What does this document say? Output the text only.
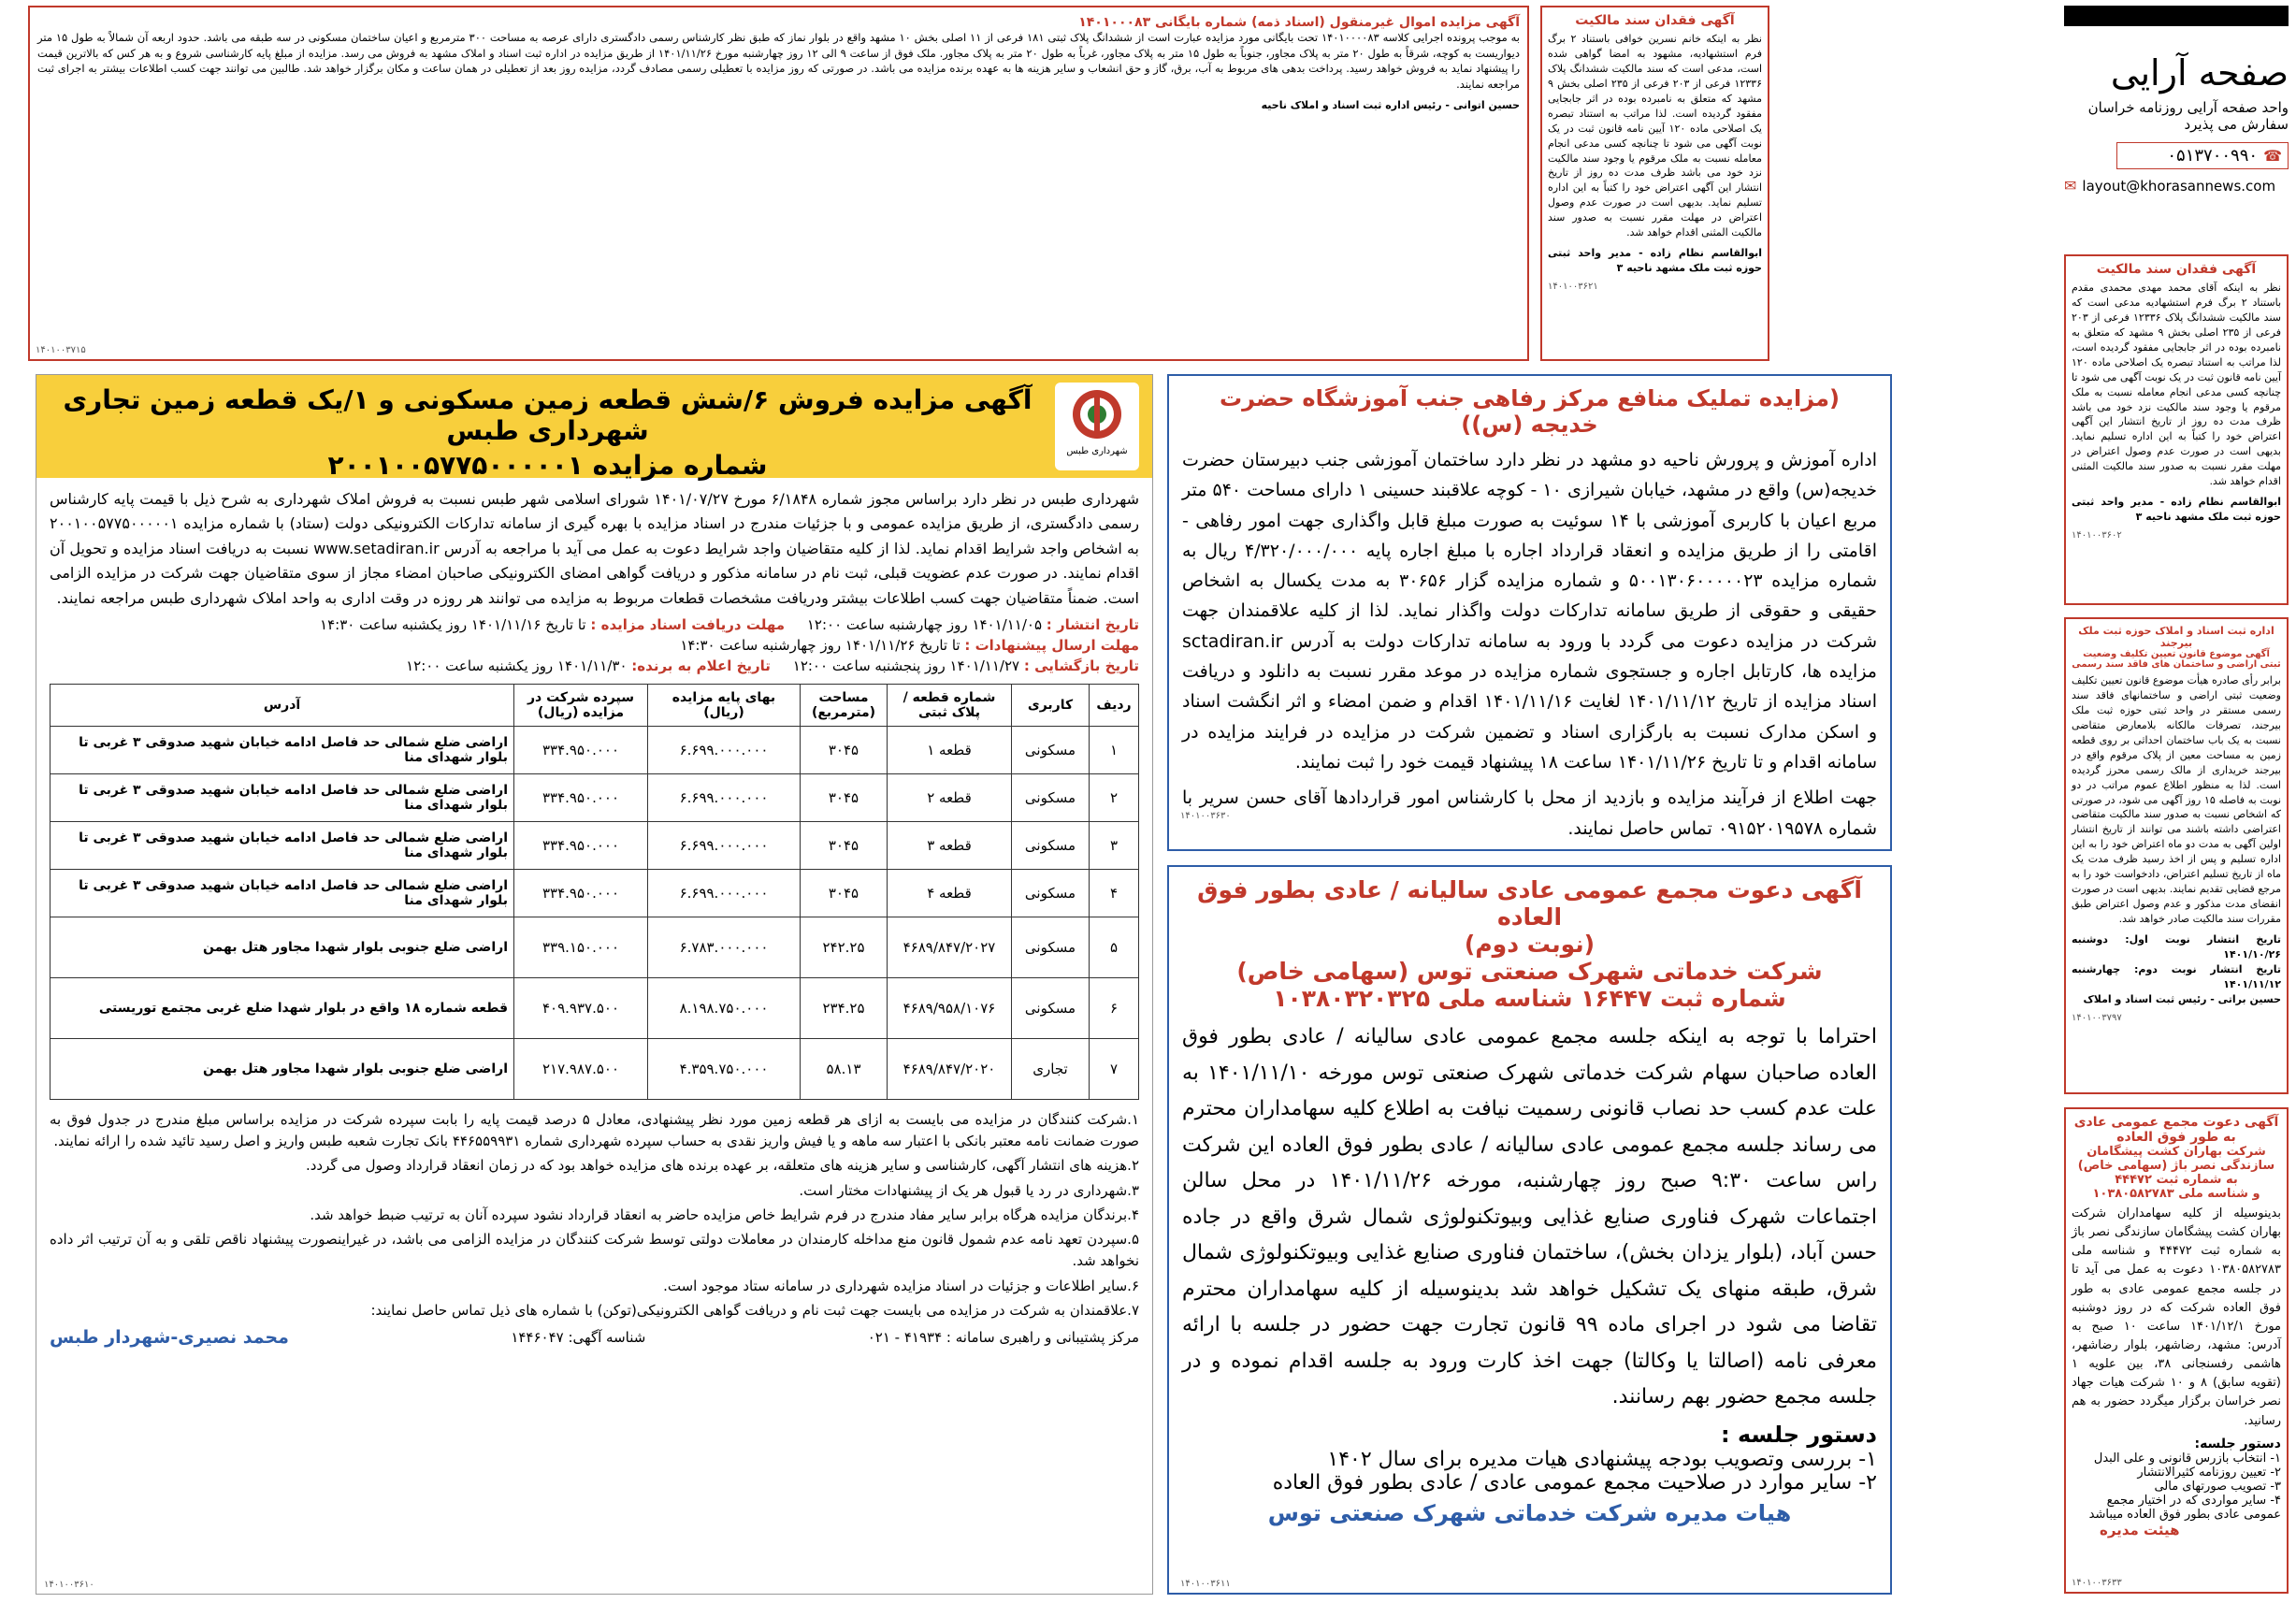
صفحه آرایی
واحد صفحه آرایی روزنامه خراسان
سفارش می پذیرد
☎
۰۵۱۳۷۰۰۹۹۰
✉ layout@khorasannews.com
آگهی فقدان سند مالکیت

نظر به اینکه خانم نسرین خوافی باستناد ۲ برگ فرم استشهادیه، مشهود به امضا گواهی شده است، مدعی است که سند مالکیت ششدانگ پلاک ۱۲۳۳۶ فرعی از ۲۰۳ فرعی از ۲۳۵ اصلی بخش ۹ مشهد که متعلق به نامبرده بوده در اثر جابجایی مفقود گردیده است. لذا مراتب به استناد تبصره یک اصلاحی ماده ۱۲۰ آیین نامه قانون ثبت در یک نوبت آگهی می شود تا چنانچه کسی مدعی انجام معامله نسبت به ملک مرقوم یا وجود سند مالکیت نزد خود می باشد ظرف مدت ده روز از تاریخ انتشار این آگهی اعتراض خود را کتباً به این اداره تسلیم نماید. بدیهی است در صورت عدم وصول اعتراض در مهلت مقرر نسبت به صدور سند مالکیت المثنی اقدام خواهد شد.

ابوالقاسم نظام زاده - مدیر واحد ثبتی حوزه ثبت ملک مشهد ناحیه ۳

۱۴۰۱۰۰۳۶۲۱
آگهی مزایده اموال غیرمنقول (اسناد ذمه) شماره بایگانی ۱۴۰۱۰۰۰۸۳

به موجب پرونده اجرایی کلاسه ۱۴۰۱۰۰۰۰۸۳ تحت بایگانی مورد مزایده عبارت است از ششدانگ پلاک ثبتی ۱۸۱ فرعی از ۱۱ اصلی بخش ۱۰ مشهد واقع در بلوار نماز که طبق نظر کارشناس رسمی دادگستری دارای عرصه به مساحت ۳۰۰ مترمربع و اعیان ساختمان مسکونی در سه طبقه می باشد. حدود اربعه آن شمالاً به طول ۱۵ متر دیواریست به کوچه، شرقاً به طول ۲۰ متر به پلاک مجاور، جنوباً به طول ۱۵ متر به پلاک مجاور، غرباً به طول ۲۰ متر به پلاک مجاور. ملک فوق از ساعت ۹ الی ۱۲ روز چهارشنبه مورخ ۱۴۰۱/۱۱/۲۶ از طریق مزایده در اداره ثبت اسناد و املاک مشهد به فروش می رسد. مزایده از مبلغ پایه کارشناسی شروع و به هر کس که بالاترین قیمت را پیشنهاد نماید به فروش خواهد رسید. پرداخت بدهی های مربوط به آب، برق، گاز و حق انشعاب و سایر هزینه ها به عهده برنده مزایده می باشد. در صورتی که روز مزایده با تعطیلی رسمی مصادف گردد، مزایده روز بعد از تعطیلی در همان ساعت و مکان برگزار خواهد شد. طالبین می توانند جهت کسب اطلاعات بیشتر به اجرای ثبت مراجعه نمایند.

حسین اتوانی - رئیس اداره ثبت اسناد و املاک ناحیه

۱۴۰۱۰۰۳۷۱۵
آگهی فقدان سند مالکیت

نظر به اینکه آقای محمد مهدی محمدی مقدم باستناد ۲ برگ فرم استشهادیه مدعی است که سند مالکیت ششدانگ پلاک ۱۲۳۳۶ فرعی از ۲۰۳ فرعی از ۲۳۵ اصلی بخش ۹ مشهد که متعلق به نامبرده بوده در اثر جابجایی مفقود گردیده است، لذا مراتب به استناد تبصره یک اصلاحی ماده ۱۲۰ آیین نامه قانون ثبت در یک نوبت آگهی می شود تا چنانچه کسی مدعی انجام معامله نسبت به ملک مرقوم یا وجود سند مالکیت نزد خود می باشد ظرف مدت ده روز از تاریخ انتشار این آگهی اعتراض خود را کتباً به این اداره تسلیم نماید. بدیهی است در صورت عدم وصول اعتراض در مهلت مقرر نسبت به صدور سند مالکیت المثنی اقدام خواهد شد.

ابوالقاسم نظام زاده - مدیر واحد ثبتی حوزه ثبت ملک مشهد ناحیه ۳

۱۴۰۱۰۰۳۶۰۲
اداره ثبت اسناد و املاک حوزه ثبت ملک بیرجند
آگهی موضوع قانون تعیین تکلیف وضعیت ثبتی اراضی و ساختمان های فاقد سند رسمی

برابر رأی صادره هیأت موضوع قانون تعیین تکلیف وضعیت ثبتی اراضی و ساختمانهای فاقد سند رسمی مستقر در واحد ثبتی حوزه ثبت ملک بیرجند، تصرفات مالکانه بلامعارض متقاضی نسبت به یک باب ساختمان احداثی بر روی قطعه زمین به مساحت معین از پلاک مرقوم واقع در بیرجند خریداری از مالک رسمی محرز گردیده است. لذا به منظور اطلاع عموم مراتب در دو نوبت به فاصله ۱۵ روز آگهی می شود، در صورتی که اشخاص نسبت به صدور سند مالکیت متقاضی اعتراضی داشته باشند می توانند از تاریخ انتشار اولین آگهی به مدت دو ماه اعتراض خود را به این اداره تسلیم و پس از اخذ رسید ظرف مدت یک ماه از تاریخ تسلیم اعتراض، دادخواست خود را به مرجع قضایی تقدیم نمایند. بدیهی است در صورت انقضای مدت مذکور و عدم وصول اعتراض طبق مقررات سند مالکیت صادر خواهد شد.

تاریخ انتشار نوبت اول: دوشنبه ۱۴۰۱/۱۰/۲۶

تاریخ انتشار نوبت دوم: چهارشنبه ۱۴۰۱/۱۱/۱۲

حسین براتی - رئیس ثبت اسناد و املاک

۱۴۰۱۰۰۳۷۹۷
آگهی دعوت مجمع عمومی عادی به طور فوق العاده
شرکت بهاران کشت پیشگامان سازندگی نصر باژ (سهامی خاص) به شماره ثبت ۴۴۴۷۲
و شناسه ملی ۱۰۳۸۰۵۸۲۷۸۳

بدینوسیله از کلیه سهامداران شرکت بهاران کشت پیشگامان سازندگی نصر باژ به شماره ثبت ۴۴۴۷۲ و شناسه ملی ۱۰۳۸۰۵۸۲۷۸۳ دعوت به عمل می آید تا در جلسه مجمع عمومی عادی به طور فوق العاده شرکت که در روز دوشنبه مورخ ۱۴۰۱/۱۲/۱ ساعت ۱۰ صبح به آدرس: مشهد، رضاشهر، بلوار رضاشهر، هاشمی رفسنجانی ۳۸، بین علویه ۱ (تقویه سابق) ۸ و ۱۰ شرکت هیات جهاد نصر خراسان برگزار میگردد حضور به هم رسانید.

دستور جلسه:
۱- انتخاب بازرس قانونی و علی البدل
۲- تعیین روزنامه کثیرالانتشار
۳- تصویب صورتهای مالی
۴- سایر مواردی که در اختیار مجمع عمومی عادی بطور فوق العاده میباشد
هیئت مدیره
۱۴۰۱۰۰۳۶۳۳
(مزایده تملیک منافع مرکز رفاهی جنب آموزشگاه حضرت خدیجه (س))

اداره آموزش و پرورش ناحیه دو مشهد در نظر دارد ساختمان آموزشی جنب دبیرستان حضرت خدیجه(س) واقع در مشهد، خیابان شیرازی ۱۰ - کوچه علاقبند حسینی ۱ دارای مساحت ۵۴۰ متر مربع اعیان با کاربری آموزشی با ۱۴ سوئیت به صورت مبلغ قابل واگذاری جهت امور رفاهی - اقامتی را از طریق مزایده و انعقاد قرارداد اجاره با مبلغ اجاره پایه ۴/۳۲۰/۰۰۰/۰۰۰ ریال به شماره مزایده ۵۰۰۱۳۰۶۰۰۰۰۰۲۳ و شماره مزایده گزار ۳۰۶۵۶ به مدت یکسال به اشخاص حقیقی و حقوقی از طریق سامانه تدارکات دولت واگذار نماید. لذا از کلیه علاقمندان جهت شرکت در مزایده دعوت می گردد با ورود به سامانه تدارکات دولت به آدرس sctadiran.ir مزایده ها، کارتابل اجاره و جستجوی شماره مزایده در موعد مقرر نسبت به دانلود و دریافت اسناد مزایده از تاریخ ۱۴۰۱/۱۱/۱۲ لغایت ۱۴۰۱/۱۱/۱۶ اقدام و ضمن امضاء و اثر انگشت اسناد و اسکن مدارک نسبت به بارگزاری اسناد و تضمین شرکت در مزایده در فرایند مزایده در سامانه اقدام و تا تاریخ ۱۴۰۱/۱۱/۲۶ ساعت ۱۸ پیشنهاد قیمت خود را ثبت نمایند.

جهت اطلاع از فرآیند مزایده و بازدید از محل با کارشناس امور قراردادها آقای حسن سریر با شماره ۰۹۱۵۲۰۱۹۵۷۸ تماس حاصل نمایند.

۱۴۰۱۰۰۳۶۳۰
آگهی دعوت مجمع عمومی عادی سالیانه / عادی بطور فوق العاده
(نوبت دوم)
شرکت خدماتی شهرک صنعتی توس (سهامی خاص)
شماره ثبت ۱۶۴۴۷ شناسه ملی ۱۰۳۸۰۳۲۰۳۲۵

احتراما با توجه به اینکه جلسه مجمع عمومی عادی سالیانه / عادی بطور فوق العاده صاحبان سهام شرکت خدماتی شهرک صنعتی توس مورخه ۱۴۰۱/۱۱/۱۰ به علت عدم کسب حد نصاب قانونی رسمیت نیافت به اطلاع کلیه سهامداران محترم می رساند جلسه مجمع عمومی عادی سالیانه / عادی بطور فوق العاده این شرکت راس ساعت ۹:۳۰ صبح روز چهارشنبه، مورخه ۱۴۰۱/۱۱/۲۶ در محل سالن اجتماعات شهرک فناوری صنایع غذایی وبیوتکنولوژی شمال شرق واقع در جاده حسن آباد، (بلوار یزدان بخش)، ساختمان فناوری صنایع غذایی وبیوتکنولوژی شمال شرق، طبقه منهای یک تشکیل خواهد شد بدینوسیله از کلیه سهامداران محترم تقاضا می شود در اجرای ماده ۹۹ قانون تجارت جهت حضور در جلسه با ارائه معرفی نامه (اصالتا یا وکالتا) جهت اخذ کارت ورود به جلسه اقدام نموده و در جلسه مجمع حضور بهم رسانند.

دستور جلسه :
۱- بررسی وتصویب بودجه پیشنهادی هیات مدیره برای سال ۱۴۰۲
۲- سایر موارد در صلاحیت مجمع عمومی عادی / عادی بطور فوق العاده
هیات مدیره شرکت خدماتی شهرک صنعتی توس
۱۴۰۱۰۰۳۶۱۱
آگهی مزایده فروش ۶/شش قطعه زمین مسکونی و ۱/یک قطعه زمین تجاری شهرداری طبس
شماره مزایده ۲۰۰۱۰۰۵۷۷۵۰۰۰۰۰۱	شهرداری طبس

شهرداری طبس در نظر دارد براساس مجوز شماره ۶/۱۸۴۸ مورخ ۱۴۰۱/۰۷/۲۷ شورای اسلامی شهر طبس نسبت به فروش املاک شهرداری به شرح ذیل با قیمت پایه کارشناس رسمی دادگستری، از طریق مزایده عمومی و با جزئیات مندرج در اسناد مزایده با بهره گیری از سامانه تدارکات الکترونیکی دولت (ستاد) با شماره مزایده ۲۰۰۱۰۰۵۷۷۵۰۰۰۰۰۱ به اشخاص واجد شرایط اقدام نماید. لذا از کلیه متقاضیان واجد شرایط دعوت به عمل می آید با مراجعه به آدرس www.setadiran.ir نسبت به دریافت اسناد مزایده و تحویل آن اقدام نمایند. در صورت عدم عضویت قبلی، ثبت نام در سامانه مذکور و دریافت گواهی امضای الکترونیکی صاحبان امضاء مجاز از سوی متقاضیان جهت شرکت در مزایده الزامی است. ضمناً متقاضیان جهت کسب اطلاعات بیشتر ودریافت مشخصات قطعات مربوط به مزایده می توانند هر روزه در وقت اداری به واحد املاک شهرداری طبس مراجعه نمایند.

تاریخ انتشار : ۱۴۰۱/۱۱/۰۵ روز چهارشنبه ساعت ۱۲:۰۰     مهلت دریافت اسناد مزایده : تا تاریخ ۱۴۰۱/۱۱/۱۶ روز یکشنبه ساعت ۱۴:۳۰
مهلت ارسال پیشنهادات : تا تاریخ ۱۴۰۱/۱۱/۲۶ روز چهارشنبه ساعت ۱۴:۳۰
تاریخ بازگشایی : ۱۴۰۱/۱۱/۲۷ روز پنجشنبه ساعت ۱۲:۰۰     تاریخ اعلام به برنده: ۱۴۰۱/۱۱/۳۰ روز یکشنبه ساعت ۱۲:۰۰
ردیف	کاربری	شماره قطعه / پلاک ثبتی	مساحت (مترمربع)	بهای پایه مزایده (ریال)	سپرده شرکت در مزایده (ریال)	آدرس
۱	مسکونی	قطعه ۱	۳۰۴۵	۶.۶۹۹.۰۰۰.۰۰۰	۳۳۴.۹۵۰.۰۰۰	اراضی ضلع شمالی حد فاصل ادامه خیابان شهید صدوقی ۳ غربی تا بلوار شهدای منا
۲	مسکونی	قطعه ۲	۳۰۴۵	۶.۶۹۹.۰۰۰.۰۰۰	۳۳۴.۹۵۰.۰۰۰	اراضی ضلع شمالی حد فاصل ادامه خیابان شهید صدوقی ۳ غربی تا بلوار شهدای منا
۳	مسکونی	قطعه ۳	۳۰۴۵	۶.۶۹۹.۰۰۰.۰۰۰	۳۳۴.۹۵۰.۰۰۰	اراضی ضلع شمالی حد فاصل ادامه خیابان شهید صدوقی ۳ غربی تا بلوار شهدای منا
۴	مسکونی	قطعه ۴	۳۰۴۵	۶.۶۹۹.۰۰۰.۰۰۰	۳۳۴.۹۵۰.۰۰۰	اراضی ضلع شمالی حد فاصل ادامه خیابان شهید صدوقی ۳ غربی تا بلوار شهدای منا
۵	مسکونی	۴۶۸۹/۸۴۷/۲۰۲۷	۲۴۲.۲۵	۶.۷۸۳.۰۰۰.۰۰۰	۳۳۹.۱۵۰.۰۰۰	اراضی ضلع جنوبی بلوار شهدا مجاور هتل بهمن
۶	مسکونی	۴۶۸۹/۹۵۸/۱۰۷۶	۲۳۴.۲۵	۸.۱۹۸.۷۵۰.۰۰۰	۴۰۹.۹۳۷.۵۰۰	قطعه شماره ۱۸ واقع در بلوار شهدا ضلع غربی مجتمع توریستی
۷	تجاری	۴۶۸۹/۸۴۷/۲۰۲۰	۵۸.۱۳	۴.۳۵۹.۷۵۰.۰۰۰	۲۱۷.۹۸۷.۵۰۰	اراضی ضلع جنوبی بلوار شهدا مجاور هتل بهمن

۱.شرکت کنندگان در مزایده می بایست به ازای هر قطعه زمین مورد نظر پیشنهادی، معادل ۵ درصد قیمت پایه را بابت سپرده شرکت در مزایده براساس مبلغ مندرج در جدول فوق به صورت ضمانت نامه معتبر بانکی با اعتبار سه ماهه و یا فیش واریز نقدی به حساب سپرده شهرداری شماره ۴۴۶۵۵۹۹۳۱ بانک تجارت شعبه طبس واریز و اصل رسید تائید شده را ارائه نمایند.

۲.هزینه های انتشار آگهی، کارشناسی و سایر هزینه های متعلقه، بر عهده برنده های مزایده خواهد بود که در زمان انعقاد قرارداد وصول می گردد.

۳.شهرداری در رد یا قبول هر یک از پیشنهادات مختار است.

۴.برندگان مزایده هرگاه برابر سایر مفاد مندرج در فرم شرایط خاص مزایده حاضر به انعقاد قرارداد نشود سپرده آنان به ترتیب ضبط خواهد شد.

۵.سپردن تعهد نامه عدم شمول قانون منع مداخله کارمندان در معاملات دولتی توسط شرکت کنندگان در مزایده الزامی می باشد، در غیراینصورت پیشنهاد ناقص تلقی و به آن ترتیب اثر داده نخواهد شد.

۶.سایر اطلاعات و جزئیات در اسناد مزایده شهرداری در سامانه ستاد موجود است.

۷.علاقمندان به شرکت در مزایده می بایست جهت ثبت نام و دریافت گواهی الکترونیکی(توکن) با شماره های ذیل تماس حاصل نمایند:

مرکز پشتیبانی و راهبری سامانه : ۴۱۹۳۴ - ۰۲۱
شناسه آگهی: ۱۴۴۶۰۴۷
محمد نصیری-شهردار طبس
۱۴۰۱۰۰۳۶۱۰
